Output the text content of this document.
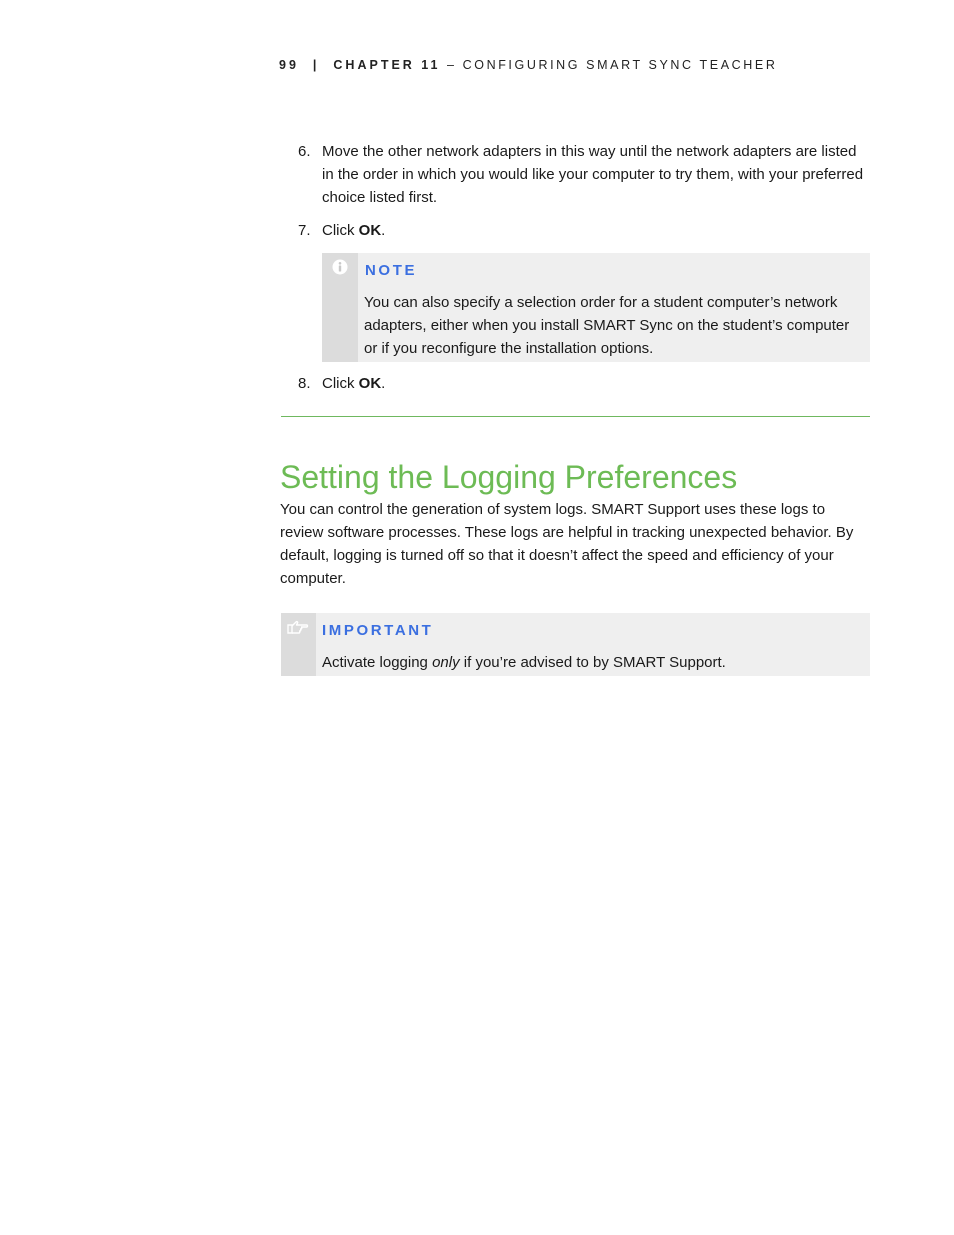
99 | CHAPTER 11 – CONFIGURING SMART SYNC TEACHER
6. Move the other network adapters in this way until the network adapters are listed in the order in which you would like your computer to try them, with your preferred choice listed first.
7. Click OK.
NOTE
You can also specify a selection order for a student computer’s network adapters, either when you install SMART Sync on the student’s computer or if you reconfigure the installation options.
8. Click OK.
Setting the Logging Preferences
You can control the generation of system logs. SMART Support uses these logs to review software processes. These logs are helpful in tracking unexpected behavior. By default, logging is turned off so that it doesn’t affect the speed and efficiency of your computer.
IMPORTANT
Activate logging only if you’re advised to by SMART Support.
